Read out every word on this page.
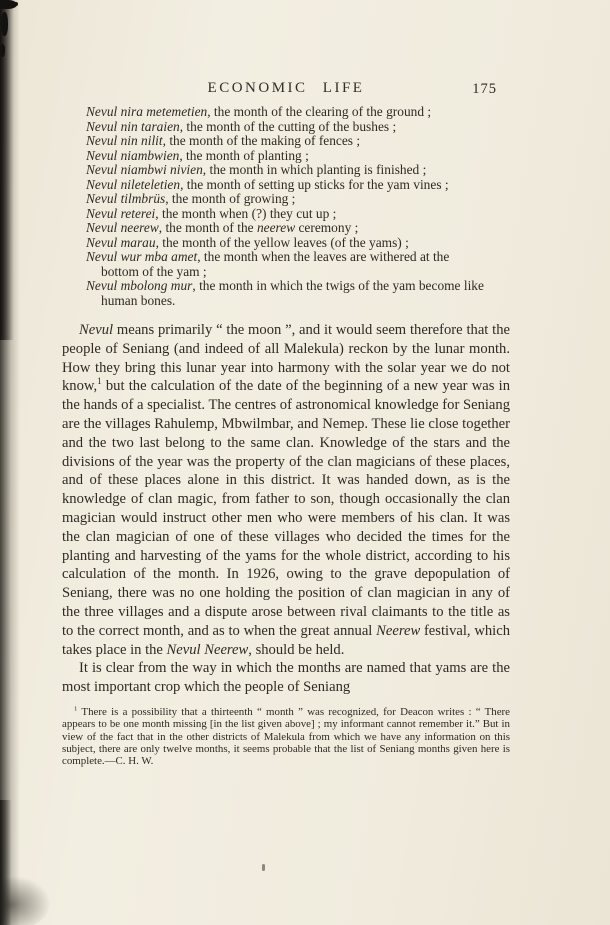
ECONOMIC LIFE	175
Nevul nira metemetien, the month of the clearing of the ground ;
Nevul nin taraien, the month of the cutting of the bushes ;
Nevul nin nilit, the month of the making of fences ;
Nevul niambwien, the month of planting ;
Nevul niambwi nivien, the month in which planting is finished ;
Nevul nileteletien, the month of setting up sticks for the yam vines ;
Nevul tilmbrüs, the month of growing ;
Nevul reterei, the month when (?) they cut up ;
Nevul neerew, the month of the neerew ceremony ;
Nevul marau, the month of the yellow leaves (of the yams) ;
Nevul wur mba amet, the month when the leaves are withered at the bottom of the yam ;
Nevul mbolong mur, the month in which the twigs of the yam become like human bones.

Nevul means primarily “ the moon ”, and it would seem therefore that the people of Seniang (and indeed of all Malekula) reckon by the lunar month. How they bring this lunar year into harmony with the solar year we do not know,$^1$ but the calculation of the date of the beginning of a new year was in the hands of a specialist. The centres of astronomical knowledge for Seniang are the villages Rahulemp, Mbwilmbar, and Nemep. These lie close together and the two last belong to the same clan. Knowledge of the stars and the divisions of the year was the property of the clan magicians of these places, and of these places alone in this district. It was handed down, as is the knowledge of clan magic, from father to son, though occasionally the clan magician would instruct other men who were members of his clan. It was the clan magician of one of these villages who decided the times for the planting and harvesting of the yams for the whole district, according to his calculation of the month. In 1926, owing to the grave depopulation of Seniang, there was no one holding the position of clan magician in any of the three villages and a dispute arose between rival claimants to the title as to the correct month, and as to when the great annual Neerew festival, which takes place in the Nevul Neerew, should be held.

It is clear from the way in which the months are named that yams are the most important crop which the people of Seniang

$^1$ There is a possibility that a thirteenth “ month ” was recognized, for Deacon writes : “ There appears to be one month missing [in the list given above] ; my informant cannot remember it.” But in view of the fact that in the other districts of Malekula from which we have any information on this subject, there are only twelve months, it seems probable that the list of Seniang months given here is complete.—C. H. W.
